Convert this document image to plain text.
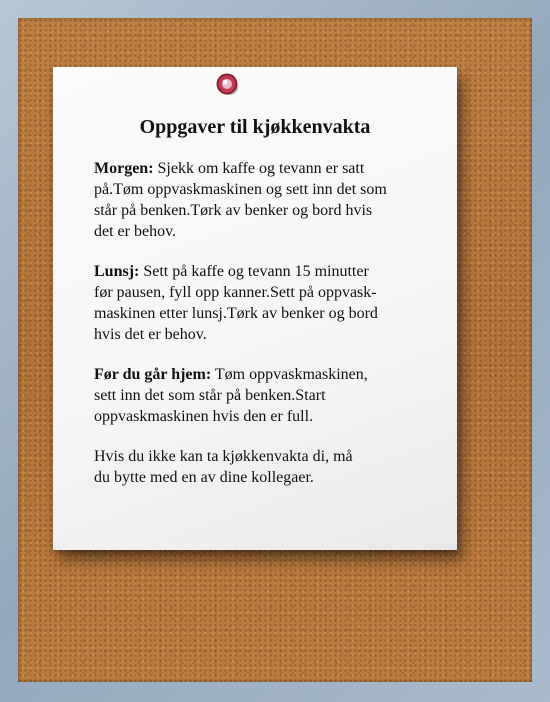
Oppgaver til kjøkkenvakta

Morgen: Sjekk om kaffe og tevann er satt
på.Tøm oppvaskmaskinen og sett inn det som
står på benken.Tørk av benker og bord hvis
det er behov.

Lunsj: Sett på kaffe og tevann 15 minutter
før pausen, fyll opp kanner.Sett på oppvask-
maskinen etter lunsj.Tørk av benker og bord
hvis det er behov.

Før du går hjem: Tøm oppvaskmaskinen,
sett inn det som står på benken.Start
oppvaskmaskinen hvis den er full.

Hvis du ikke kan ta kjøkkenvakta di, må
du bytte med en av dine kollegaer.
